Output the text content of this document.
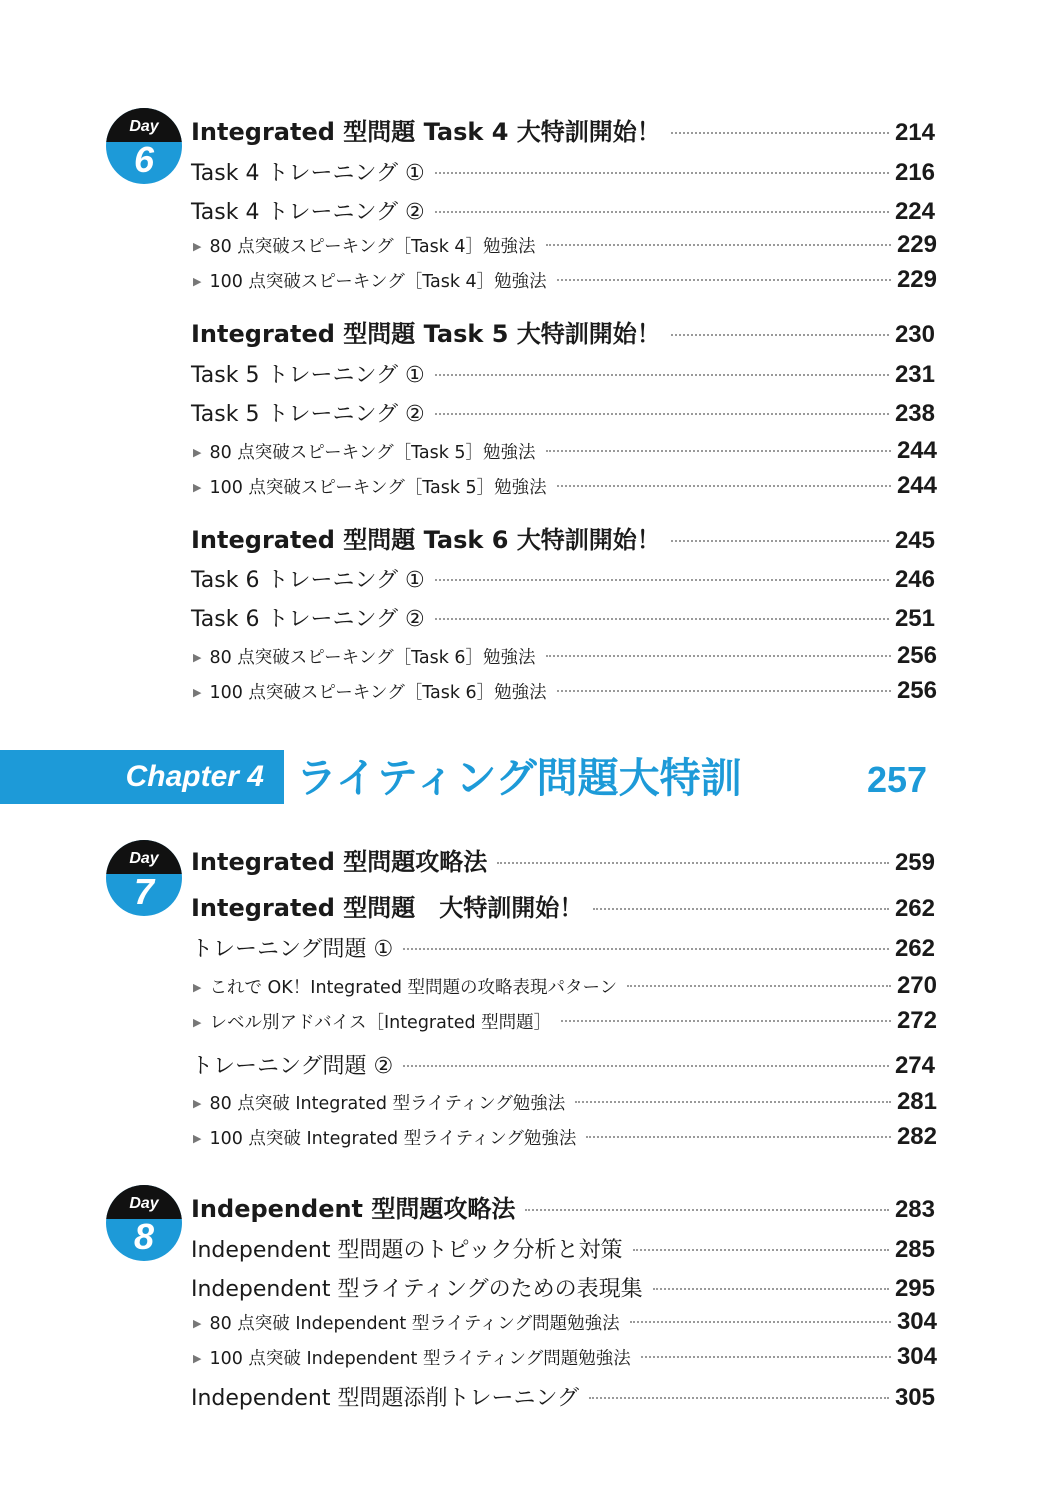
Day
6
Integrated 型問題 Task 4 大特訓開始！	214
Task 4 トレーニング ①	216
Task 4 トレーニング ②	224
▶ 80 点突破スピーキング［Task 4］勉強法	229
▶ 100 点突破スピーキング［Task 4］勉強法	229
Integrated 型問題 Task 5 大特訓開始！	230
Task 5 トレーニング ①	231
Task 5 トレーニング ②	238
▶ 80 点突破スピーキング［Task 5］勉強法	244
▶ 100 点突破スピーキング［Task 5］勉強法	244
Integrated 型問題 Task 6 大特訓開始！	245
Task 6 トレーニング ①	246
Task 6 トレーニング ②	251
▶ 80 点突破スピーキング［Task 6］勉強法	256
▶ 100 点突破スピーキング［Task 6］勉強法	256
Chapter 4 ライティング問題大特訓	257
Day
7
Integrated 型問題攻略法	259
Integrated 型問題　大特訓開始！	262
トレーニング問題 ①	262
▶ これで OK！Integrated 型問題の攻略表現パターン	270
▶ レベル別アドバイス［Integrated 型問題］	272
トレーニング問題 ②	274
▶ 80 点突破 Integrated 型ライティング勉強法	281
▶ 100 点突破 Integrated 型ライティング勉強法	282
Day
8
Independent 型問題攻略法	283
Independent 型問題のトピック分析と対策	285
Independent 型ライティングのための表現集	295
▶ 80 点突破 Independent 型ライティング問題勉強法	304
▶ 100 点突破 Independent 型ライティング問題勉強法	304
Independent 型問題添削トレーニング	305
